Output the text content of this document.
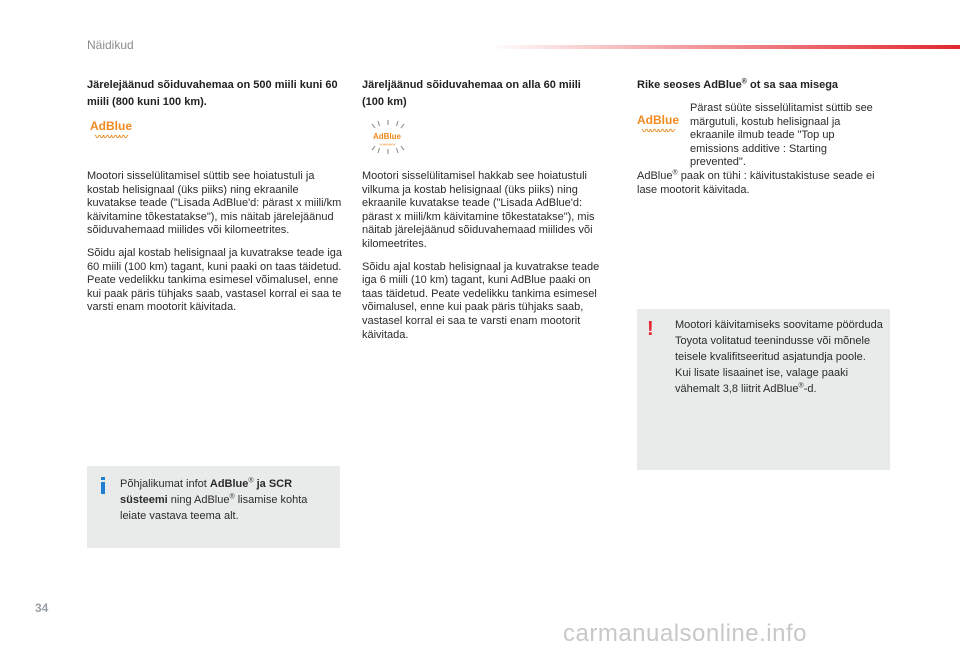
Näidikud

Järelejäänud sõiduvahemaa on 500 miili kuni 60 miili (800 kuni 100 km).

AdBlue
〰〰〰〰

Mootori sisselülitamisel süttib see hoiatustuli ja kostab helisignaal (üks piiks) ning ekraanile kuvatakse teade ("Lisada AdBlue'd: pärast x miili/km käivitamine tõkestatakse"), mis näitab järelejäänud sõiduvahemaad miilides või kilomeetrites.

Sõidu ajal kostab helisignaal ja kuvatrakse teade iga 60 miili (100 km) tagant, kuni paaki on taas täidetud. Peate vedelikku tankima esimesel võimalusel, enne kui paak päris tühjaks saab, vastasel korral ei saa te varsti enam mootorit käivitada.

Järeljäänud sõiduvahemaa on alla 60 miili (100 km)

AdBlue
〰〰〰

Mootori sisselülitamisel hakkab see hoiatustuli vilkuma ja kostab helisignaal (üks piiks) ning ekraanile kuvatakse teade ("Lisada AdBlue'd: pärast x miili/km käivitamine tõkestatakse"), mis näitab järelejäänud sõiduvahemaad miilides või kilomeetrites.

Sõidu ajal kostab helisignaal ja kuvatrakse teade iga 6 miili (10 km) tagant, kuni AdBlue paaki on taas täidetud. Peate vedelikku tankima esimesel võimalusel, enne kui paak päris tühjaks saab, vastasel korral ei saa te varsti enam mootorit käivitada.

Rike seoses AdBlue® ot sa saa misega

AdBlue
〰〰〰〰

Pärast süüte sisselülitamist süttib see märgutuli, kostub helisignaal ja ekraanile ilmub teade "Top up emissions additive : Starting prevented".

AdBlue® paak on tühi : käivitustakistuse seade ei lase mootorit käivitada.

! Mootori käivitamiseks soovitame pöörduda Toyota volitatud teenindusse või mõnele teisele kvalifitseeritud asjatundja poole.
Kui lisate lisaainet ise, valage paaki vähemalt 3,8 liitrit AdBlue®-d.
Põhjalikumat infot AdBlue® ja SCR süsteemi ning AdBlue® lisamise kohta leiate vastava teema alt.
34
carmanualsonline.info
